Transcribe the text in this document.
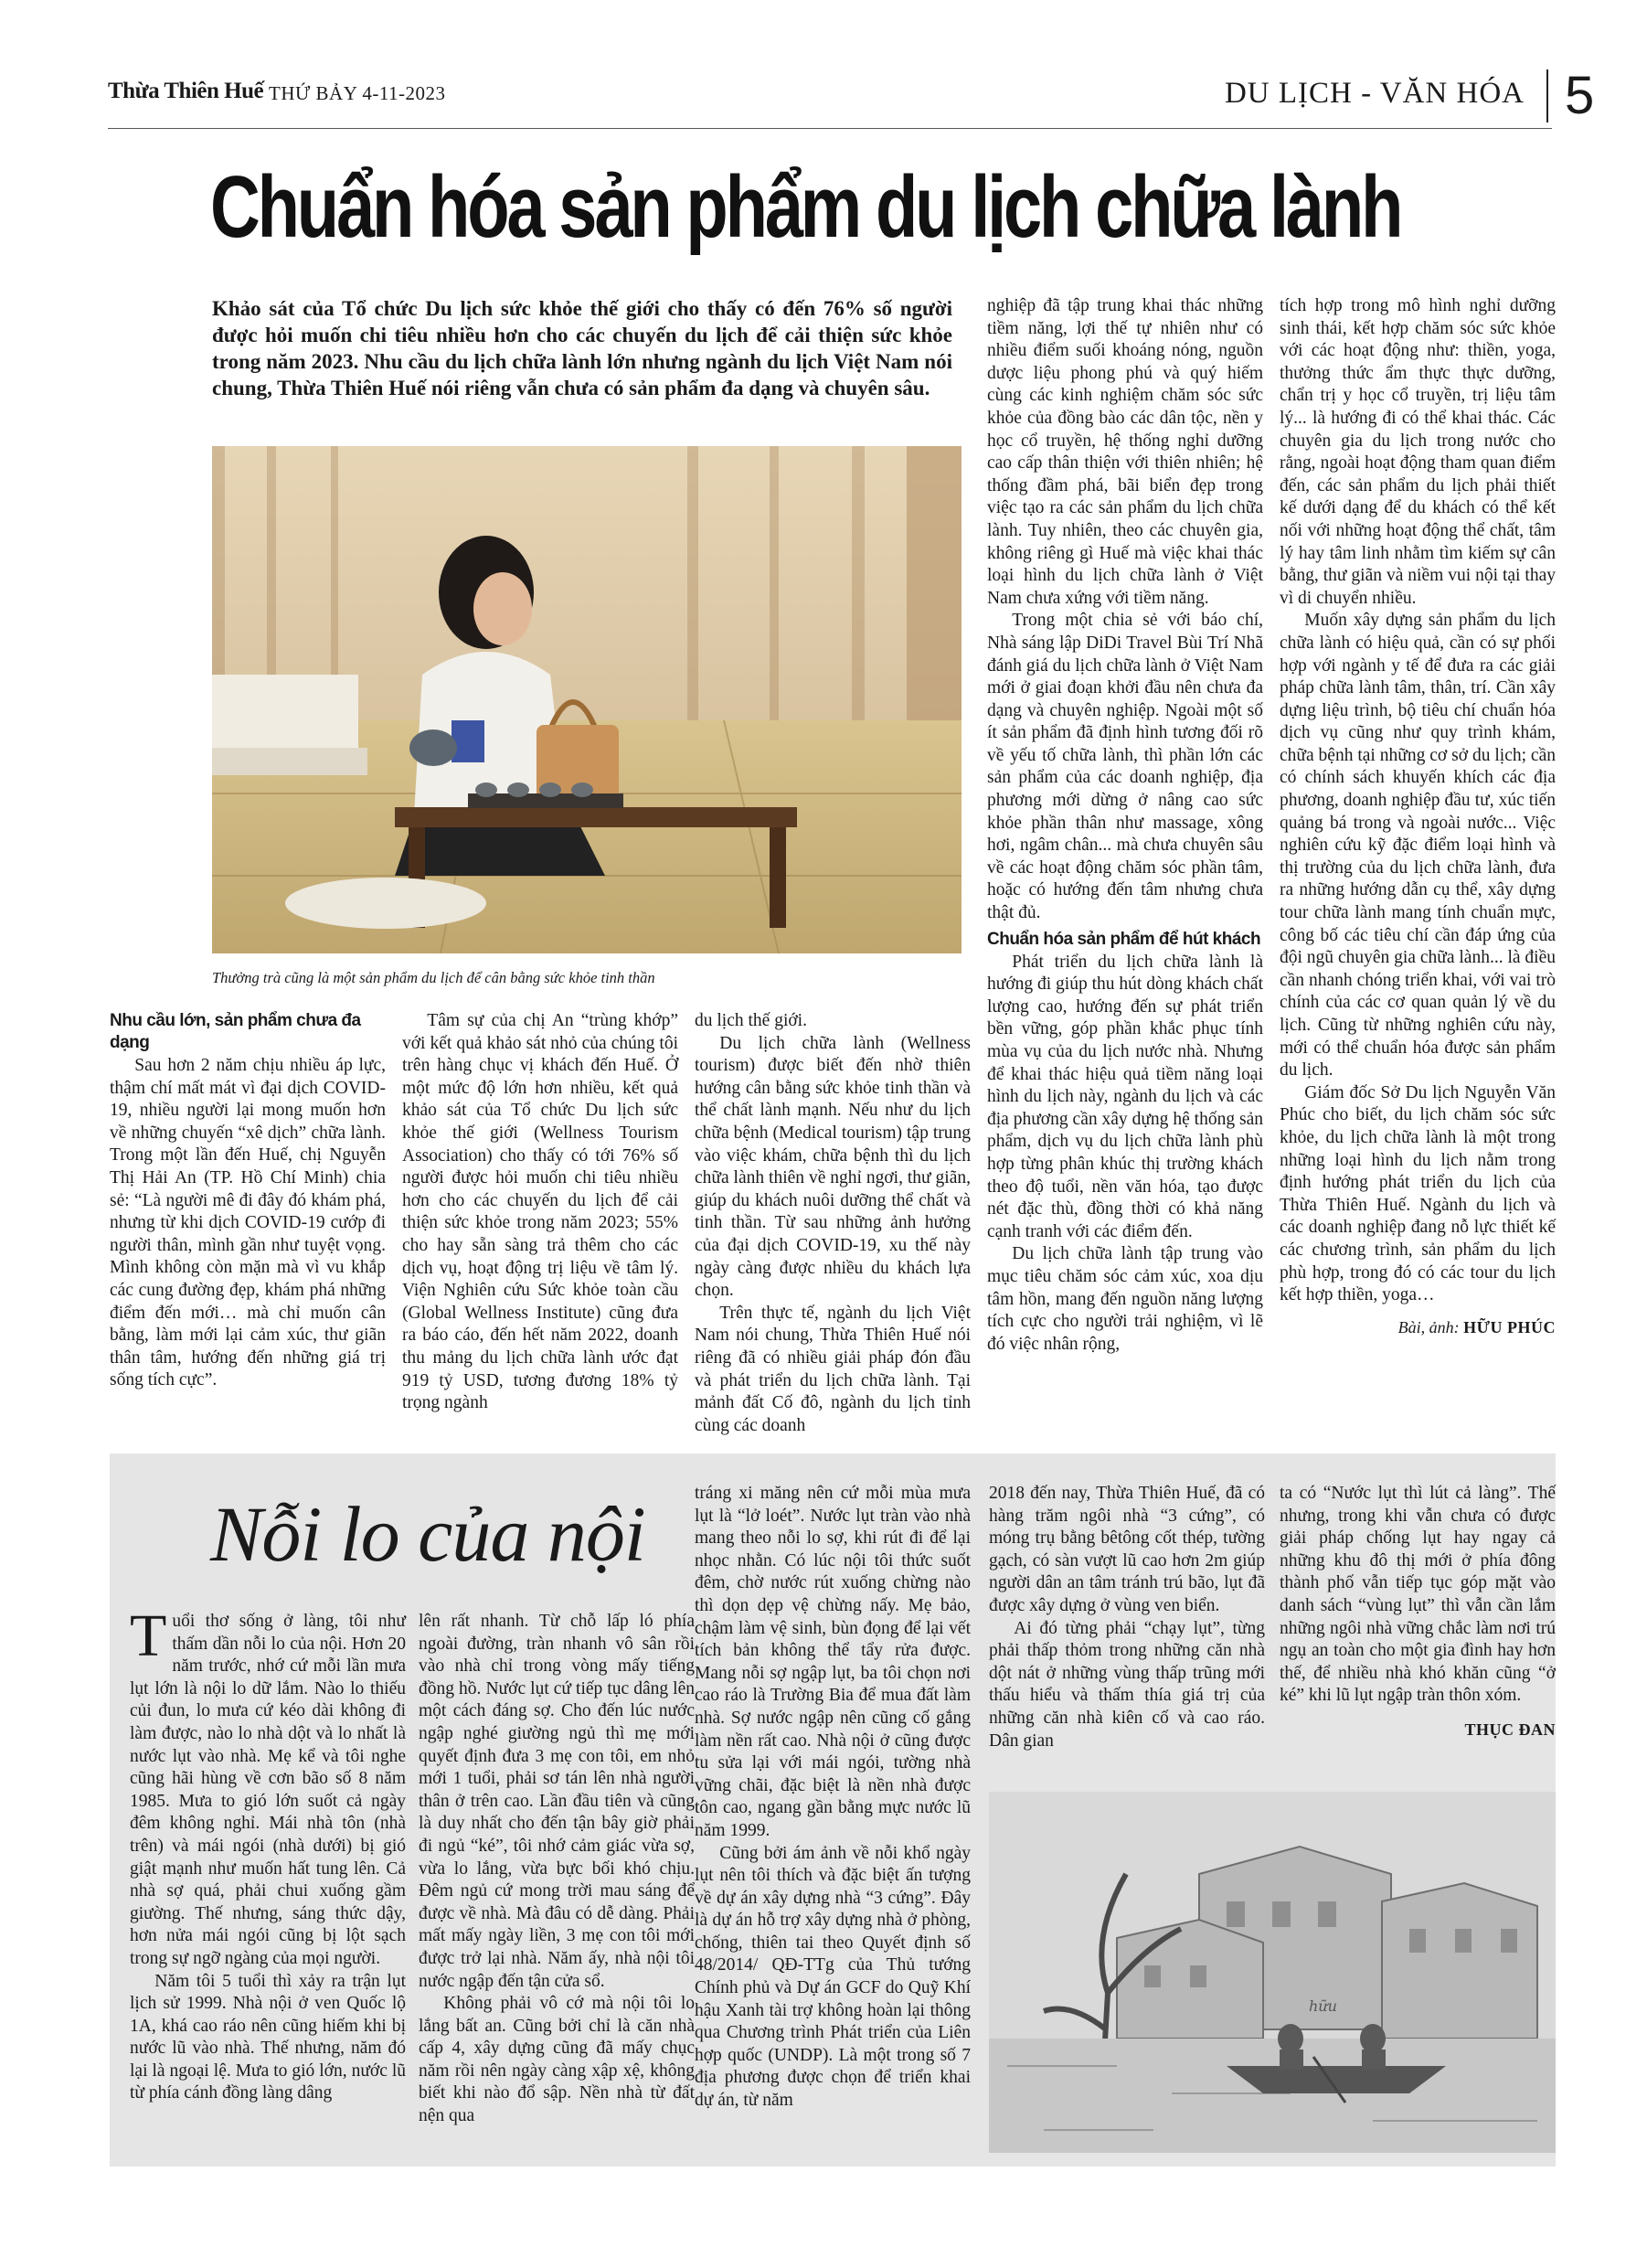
Thừa Thiên Huế THỨ BẢY 4-11-2023	DU LỊCH - VĂN HÓA 5
Chuẩn hóa sản phẩm du lịch chữa lành

Khảo sát của Tổ chức Du lịch sức khỏe thế giới cho thấy có đến 76% số người được hỏi muốn chi tiêu nhiều hơn cho các chuyến du lịch để cải thiện sức khỏe trong năm 2023. Nhu cầu du lịch chữa lành lớn nhưng ngành du lịch Việt Nam nói chung, Thừa Thiên Huế nói riêng vẫn chưa có sản phẩm đa dạng và chuyên sâu.

Thưởng trà cũng là một sản phẩm du lịch để cân bằng sức khỏe tinh thần

Nhu cầu lớn, sản phẩm chưa đa dạng

Sau hơn 2 năm chịu nhiều áp lực, thậm chí mất mát vì đại dịch COVID-19, nhiều người lại mong muốn hơn về những chuyến “xê dịch” chữa lành. Trong một lần đến Huế, chị Nguyễn Thị Hải An (TP. Hồ Chí Minh) chia sẻ: “Là người mê đi đây đó khám phá, nhưng từ khi dịch COVID-19 cướp đi người thân, mình gần như tuyệt vọng. Mình không còn mặn mà vì vu khắp các cung đường đẹp, khám phá những điểm đến mới… mà chỉ muốn cân bằng, làm mới lại cảm xúc, thư giãn thân tâm, hướng đến những giá trị sống tích cực”.

Tâm sự của chị An “trùng khớp” với kết quả khảo sát nhỏ của chúng tôi trên hàng chục vị khách đến Huế. Ở một mức độ lớn hơn nhiều, kết quả khảo sát của Tổ chức Du lịch sức khỏe thế giới (Wellness Tourism Association) cho thấy có tới 76% số người được hỏi muốn chi tiêu nhiều hơn cho các chuyến du lịch để cải thiện sức khỏe trong năm 2023; 55% cho hay sẵn sàng trả thêm cho các dịch vụ, hoạt động trị liệu về tâm lý. Viện Nghiên cứu Sức khỏe toàn cầu (Global Wellness Institute) cũng đưa ra báo cáo, đến hết năm 2022, doanh thu mảng du lịch chữa lành ước đạt 919 tỷ USD, tương đương 18% tỷ trọng ngành

du lịch thế giới.

Du lịch chữa lành (Wellness tourism) được biết đến nhờ thiên hướng cân bằng sức khỏe tinh thần và thể chất lành mạnh. Nếu như du lịch chữa bệnh (Medical tourism) tập trung vào việc khám, chữa bệnh thì du lịch chữa lành thiên về nghỉ ngơi, thư giãn, giúp du khách nuôi dưỡng thể chất và tinh thần. Từ sau những ảnh hưởng của đại dịch COVID-19, xu thế này ngày càng được nhiều du khách lựa chọn.

Trên thực tế, ngành du lịch Việt Nam nói chung, Thừa Thiên Huế nói riêng đã có nhiều giải pháp đón đầu và phát triển du lịch chữa lành. Tại mảnh đất Cố đô, ngành du lịch tỉnh cùng các doanh

nghiệp đã tập trung khai thác những tiềm năng, lợi thế tự nhiên như có nhiều điểm suối khoáng nóng, nguồn dược liệu phong phú và quý hiếm cùng các kinh nghiệm chăm sóc sức khỏe của đồng bào các dân tộc, nền y học cổ truyền, hệ thống nghỉ dưỡng cao cấp thân thiện với thiên nhiên; hệ thống đầm phá, bãi biển đẹp trong việc tạo ra các sản phẩm du lịch chữa lành. Tuy nhiên, theo các chuyên gia, không riêng gì Huế mà việc khai thác loại hình du lịch chữa lành ở Việt Nam chưa xứng với tiềm năng.

Trong một chia sẻ với báo chí, Nhà sáng lập DiDi Travel Bùi Trí Nhã đánh giá du lịch chữa lành ở Việt Nam mới ở giai đoạn khởi đầu nên chưa đa dạng và chuyên nghiệp. Ngoài một số ít sản phẩm đã định hình tương đối rõ về yếu tố chữa lành, thì phần lớn các sản phẩm của các doanh nghiệp, địa phương mới dừng ở nâng cao sức khỏe phần thân như massage, xông hơi, ngâm chân... mà chưa chuyên sâu về các hoạt động chăm sóc phần tâm, hoặc có hướng đến tâm nhưng chưa thật đủ.

Chuẩn hóa sản phẩm để hút khách

Phát triển du lịch chữa lành là hướng đi giúp thu hút dòng khách chất lượng cao, hướng đến sự phát triển bền vững, góp phần khắc phục tính mùa vụ của du lịch nước nhà. Nhưng để khai thác hiệu quả tiềm năng loại hình du lịch này, ngành du lịch và các địa phương cần xây dựng hệ thống sản phẩm, dịch vụ du lịch chữa lành phù hợp từng phân khúc thị trường khách theo độ tuổi, nền văn hóa, tạo được nét đặc thù, đồng thời có khả năng cạnh tranh với các điểm đến.

Du lịch chữa lành tập trung vào mục tiêu chăm sóc cảm xúc, xoa dịu tâm hồn, mang đến nguồn năng lượng tích cực cho người trải nghiệm, vì lẽ đó việc nhân rộng,

tích hợp trong mô hình nghỉ dưỡng sinh thái, kết hợp chăm sóc sức khỏe với các hoạt động như: thiền, yoga, thưởng thức ẩm thực thực dưỡng, chẩn trị y học cổ truyền, trị liệu tâm lý... là hướng đi có thể khai thác. Các chuyên gia du lịch trong nước cho rằng, ngoài hoạt động tham quan điểm đến, các sản phẩm du lịch phải thiết kế dưới dạng để du khách có thể kết nối với những hoạt động thể chất, tâm lý hay tâm linh nhằm tìm kiếm sự cân bằng, thư giãn và niềm vui nội tại thay vì di chuyển nhiều.

Muốn xây dựng sản phẩm du lịch chữa lành có hiệu quả, cần có sự phối hợp với ngành y tế để đưa ra các giải pháp chữa lành tâm, thân, trí. Cần xây dựng liệu trình, bộ tiêu chí chuẩn hóa dịch vụ cũng như quy trình khám, chữa bệnh tại những cơ sở du lịch; cần có chính sách khuyến khích các địa phương, doanh nghiệp đầu tư, xúc tiến quảng bá trong và ngoài nước... Việc nghiên cứu kỹ đặc điểm loại hình và thị trường của du lịch chữa lành, đưa ra những hướng dẫn cụ thể, xây dựng tour chữa lành mang tính chuẩn mực, công bố các tiêu chí cần đáp ứng của đội ngũ chuyên gia chữa lành... là điều cần nhanh chóng triển khai, với vai trò chính của các cơ quan quản lý về du lịch. Cũng từ những nghiên cứu này, mới có thể chuẩn hóa được sản phẩm du lịch.

Giám đốc Sở Du lịch Nguyễn Văn Phúc cho biết, du lịch chăm sóc sức khỏe, du lịch chữa lành là một trong những loại hình du lịch nằm trong định hướng phát triển du lịch của Thừa Thiên Huế. Ngành du lịch và các doanh nghiệp đang nỗ lực thiết kế các chương trình, sản phẩm du lịch phù hợp, trong đó có các tour du lịch kết hợp thiền, yoga…

Bài, ảnh: HỮU PHÚC
Nỗi lo của nội
T uổi thơ sống ở làng, tôi như thấm dần nỗi lo của nội. Hơn 20 năm trước, nhớ cứ mỗi lần mưa lụt lớn là nội lo dữ lắm. Nào lo thiếu củi đun, lo mưa cứ kéo dài không đi làm được, nào lo nhà dột và lo nhất là nước lụt vào nhà. Mẹ kể và tôi nghe cũng hãi hùng về cơn bão số 8 năm 1985. Mưa to gió lớn suốt cả ngày đêm không nghỉ. Mái nhà tôn (nhà trên) và mái ngói (nhà dưới) bị gió giật mạnh như muốn hất tung lên. Cả nhà sợ quá, phải chui xuống gầm giường. Thế nhưng, sáng thức dậy, hơn nửa mái ngói cũng bị lột sạch trong sự ngỡ ngàng của mọi người.

Năm tôi 5 tuổi thì xảy ra trận lụt lịch sử 1999. Nhà nội ở ven Quốc lộ 1A, khá cao ráo nên cũng hiếm khi bị nước lũ vào nhà. Thế nhưng, năm đó lại là ngoại lệ. Mưa to gió lớn, nước lũ từ phía cánh đồng làng dâng

lên rất nhanh. Từ chỗ lấp ló phía ngoài đường, tràn nhanh vô sân rồi vào nhà chỉ trong vòng mấy tiếng đồng hồ. Nước lụt cứ tiếp tục dâng lên một cách đáng sợ. Cho đến lúc nước ngập nghé giường ngủ thì mẹ mới quyết định đưa 3 mẹ con tôi, em nhỏ mới 1 tuổi, phải sơ tán lên nhà người thân ở trên cao. Lần đầu tiên và cũng là duy nhất cho đến tận bây giờ phải đi ngủ “ké”, tôi nhớ cảm giác vừa sợ, vừa lo lắng, vừa bực bối khó chịu. Đêm ngủ cứ mong trời mau sáng để được về nhà. Mà đâu có dễ dàng. Phải mất mấy ngày liền, 3 mẹ con tôi mới được trở lại nhà. Năm ấy, nhà nội tôi nước ngập đến tận cửa sổ.

Không phải vô cớ mà nội tôi lo lắng bất an. Cũng bởi chỉ là căn nhà cấp 4, xây dựng cũng đã mấy chục năm rồi nên ngày càng xập xệ, không biết khi nào đổ sập. Nền nhà từ đất nện qua

tráng xi măng nên cứ mỗi mùa mưa lụt là “lở loét”. Nước lụt tràn vào nhà mang theo nỗi lo sợ, khi rút đi để lại nhọc nhằn. Có lúc nội tôi thức suốt đêm, chờ nước rút xuống chừng nào thì dọn dẹp vệ chừng nấy. Mẹ bảo, chậm làm vệ sinh, bùn đọng để lại vết tích bản không thể tẩy rửa được. Mang nỗi sợ ngập lụt, ba tôi chọn nơi cao ráo là Trường Bia để mua đất làm nhà. Sợ nước ngập nên cũng cố gắng làm nền rất cao. Nhà nội ở cũng được tu sửa lại với mái ngói, tường nhà vững chãi, đặc biệt là nền nhà được tôn cao, ngang gần bằng mực nước lũ năm 1999.

Cũng bởi ám ảnh về nỗi khổ ngày lụt nên tôi thích và đặc biệt ấn tượng về dự án xây dựng nhà “3 cứng”. Đây là dự án hỗ trợ xây dựng nhà ở phòng, chống, thiên tai theo Quyết định số 48/2014/ QĐ-TTg của Thủ tướng Chính phủ và Dự án GCF do Quỹ Khí hậu Xanh tài trợ không hoàn lại thông qua Chương trình Phát triển của Liên hợp quốc (UNDP). Là một trong số 7 địa phương được chọn để triển khai dự án, từ năm

2018 đến nay, Thừa Thiên Huế, đã có hàng trăm ngôi nhà “3 cứng”, có móng trụ bằng bêtông cốt thép, tường gạch, có sàn vượt lũ cao hơn 2m giúp người dân an tâm tránh trú bão, lụt đã được xây dựng ở vùng ven biển.

Ai đó từng phải “chạy lụt”, từng phải thấp thỏm trong những căn nhà dột nát ở những vùng thấp trũng mới thấu hiểu và thấm thía giá trị của những căn nhà kiên cố và cao ráo. Dân gian

ta có “Nước lụt thì lút cả làng”. Thế nhưng, trong khi vẫn chưa có được giải pháp chống lụt hay ngay cả những khu đô thị mới ở phía đông thành phố vẫn tiếp tục góp mặt vào danh sách “vùng lụt” thì vẫn cần lắm những ngôi nhà vững chắc làm nơi trú ngụ an toàn cho một gia đình hay hơn thế, để nhiều nhà khó khăn cũng “ở ké” khi lũ lụt ngập tràn thôn xóm.

THỤC ĐAN
hữu
